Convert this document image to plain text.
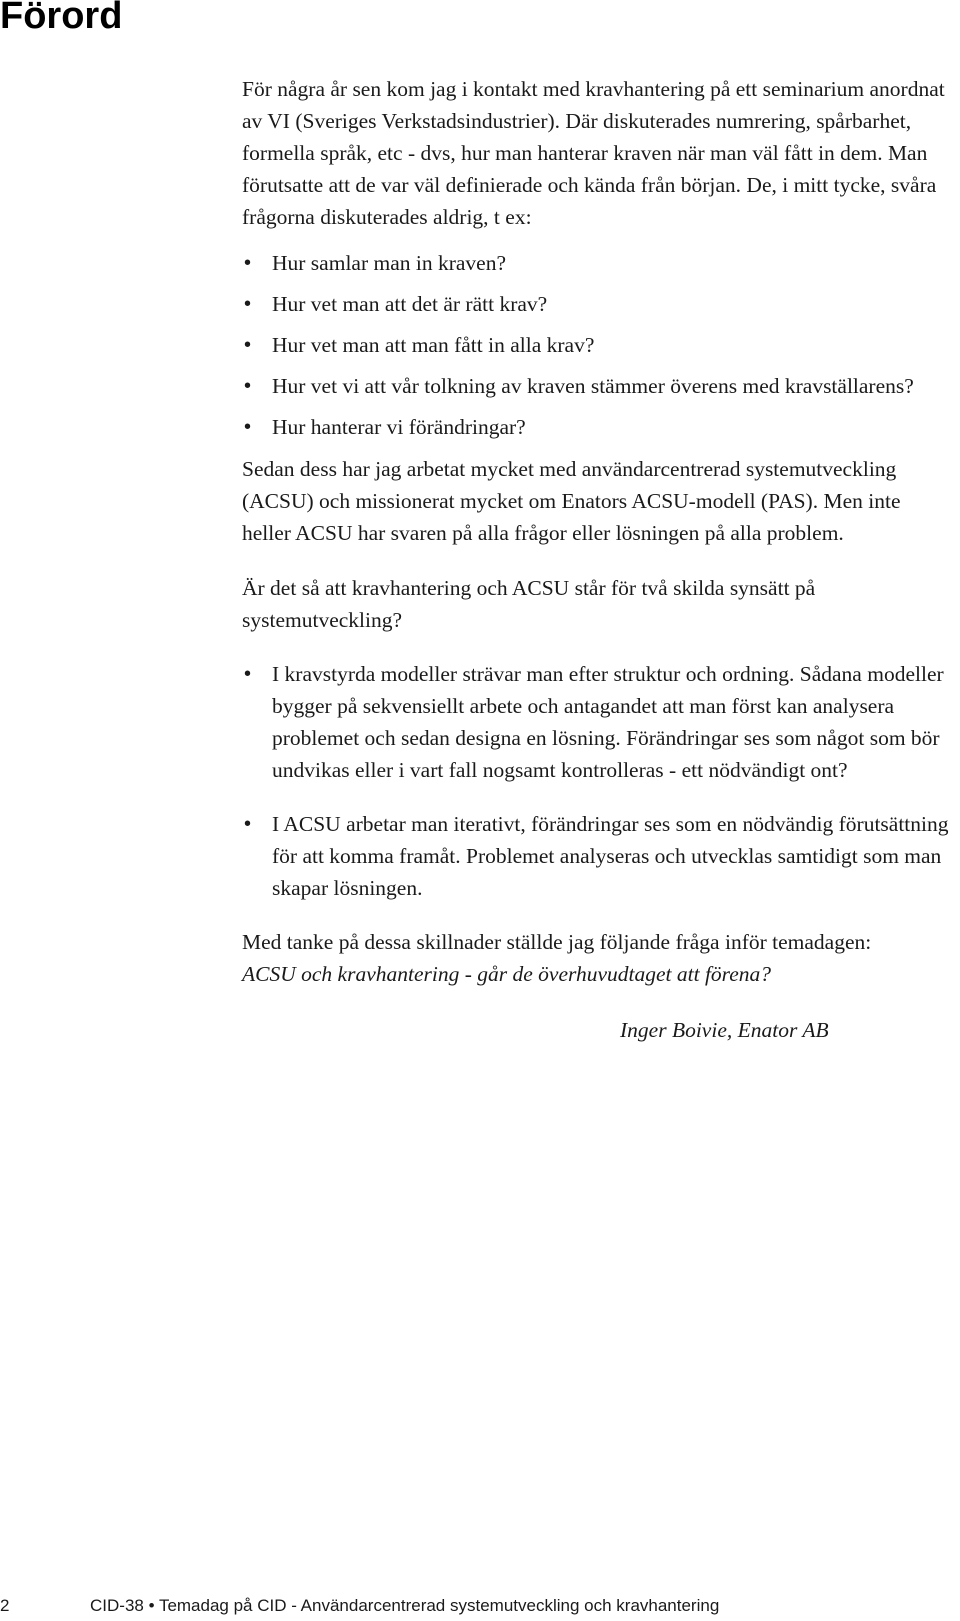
Förord

För några år sen kom jag i kontakt med kravhantering på ett seminarium anordnat av VI (Sveriges Verkstadsindustrier). Där diskuterades numrering, spårbarhet, formella språk, etc - dvs, hur man hanterar kraven när man väl fått in dem. Man förutsatte att de var väl definierade och kända från början. De, i mitt tycke, svåra frågorna diskuterades aldrig, t ex:

• Hur samlar man in kraven?
• Hur vet man att det är rätt krav?
• Hur vet man att man fått in alla krav?
• Hur vet vi att vår tolkning av kraven stämmer överens med kravställarens?
• Hur hanterar vi förändringar?

Sedan dess har jag arbetat mycket med användarcentrerad systemutveckling (ACSU) och missionerat mycket om Enators ACSU-modell (PAS). Men inte heller ACSU har svaren på alla frågor eller lösningen på alla problem.

Är det så att kravhantering och ACSU står för två skilda synsätt på systemutveckling?

• I kravstyrda modeller strävar man efter struktur och ordning. Sådana modeller bygger på sekvensiellt arbete och antagandet att man först kan analysera problemet och sedan designa en lösning. Förändringar ses som något som bör undvikas eller i vart fall nogsamt kontrolleras - ett nödvändigt ont?
• I ACSU arbetar man iterativt, förändringar ses som en nödvändig förutsättning för att komma framåt. Problemet analyseras och utvecklas samtidigt som man skapar lösningen.

Med tanke på dessa skillnader ställde jag följande fråga inför temadagen:

ACSU och kravhantering - går de överhuvudtaget att förena?

Inger Boivie, Enator AB

2	CID-38 • Temadag på CID - Användarcentrerad systemutveckling och kravhantering
